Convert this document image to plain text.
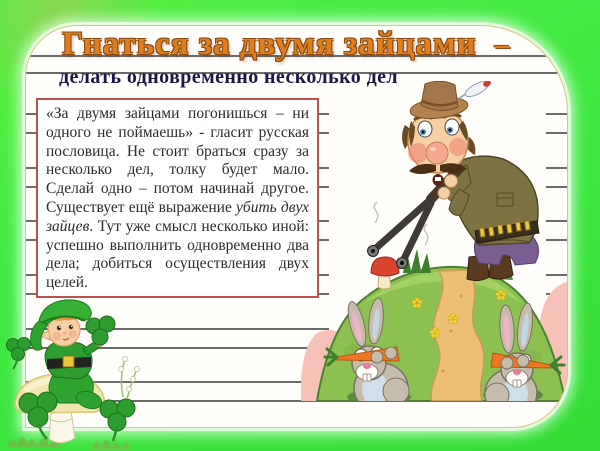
Гнаться за двумя зайцами –
делать одновременно несколько дел

«За двумя зайцами погонишься – ни одного не поймаешь» - гласит русская пословица. Не стоит браться сразу за несколько дел, толку будет мало. Сделай одно – потом начинай другое. Существует ещё выражение убить двух зайцев. Тут уже смысл несколько иной: успешно выполнить одновременно два дела; добиться осуществления двух целей.
